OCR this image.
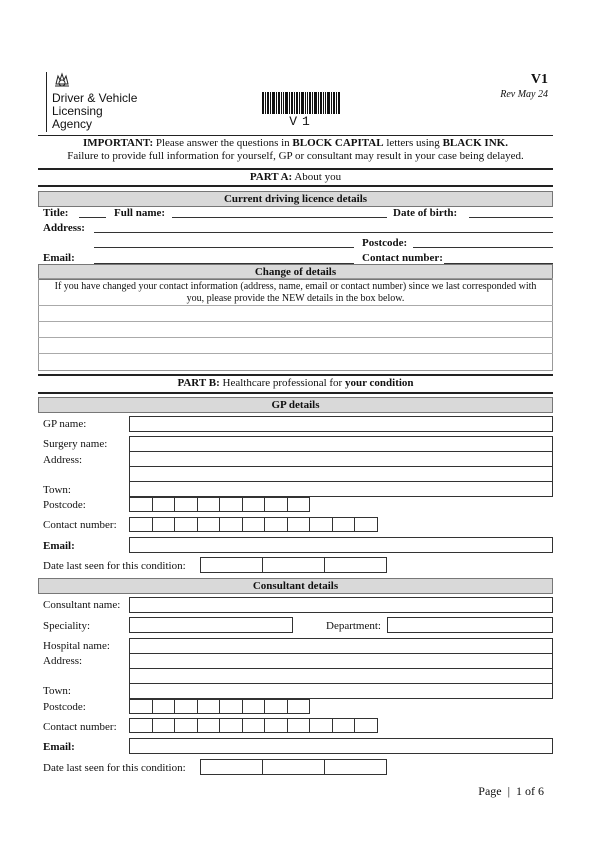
Driver & Vehicle
Licensing
Agency	V1
V1
Rev May 24
IMPORTANT: Please answer the questions in BLOCK CAPITAL letters using BLACK INK.
Failure to provide full information for yourself, GP or consultant may result in your case being delayed.
PART A: About you
Current driving licence details
Title:	Full name:	Date of birth:
Address:
Postcode:
Email:	Contact number:
Change of details
If you have changed your contact information (address, name, email or contact number) since we last corresponded with
you, please provide the NEW details in the box below.
PART B: Healthcare professional for your condition
GP details
GP name:
Surgery name:
Address:
Town:
Postcode:
Contact number:
Email:
Date last seen for this condition:
Consultant details
Consultant name:
Speciality:	Department:
Hospital name:
Address:
Town:
Postcode:
Contact number:
Email:
Date last seen for this condition:
Page | 1 of 6
